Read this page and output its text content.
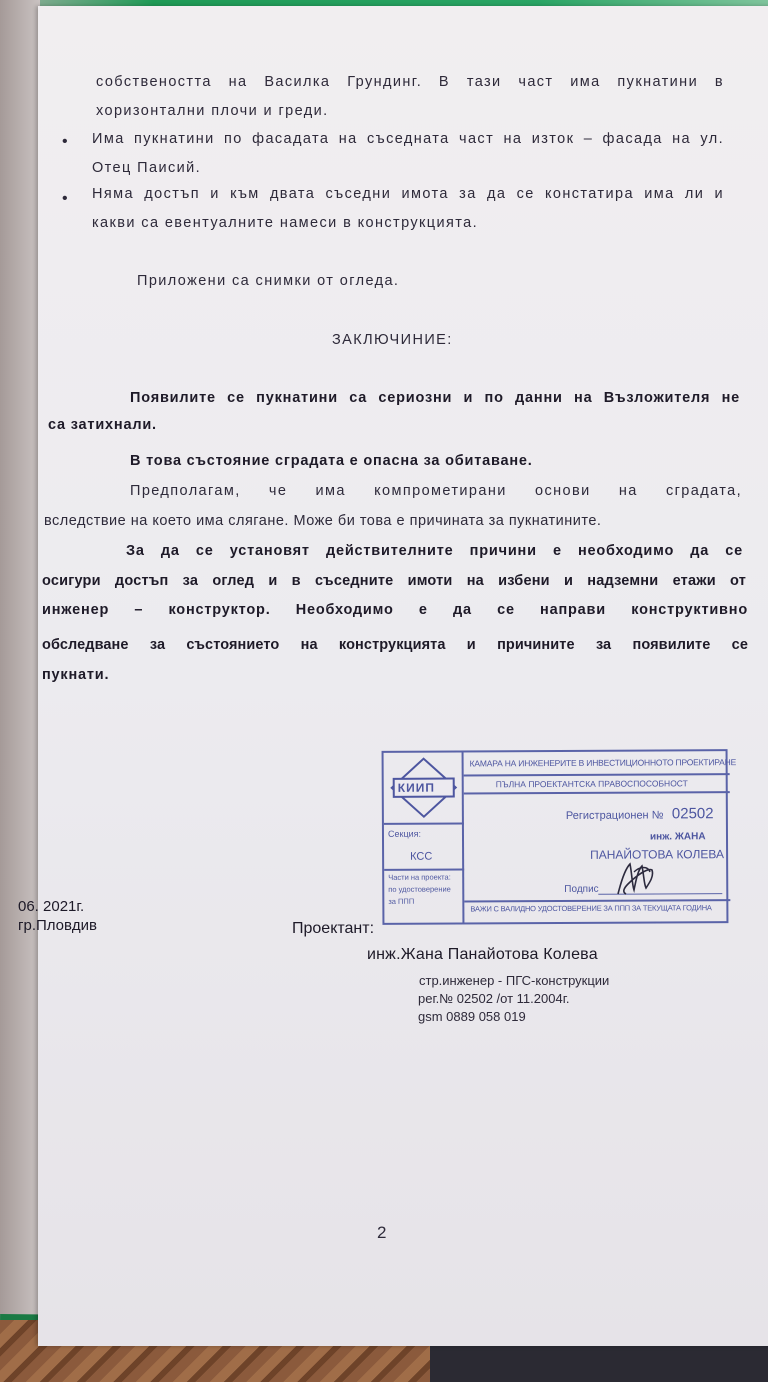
собствеността на Василка Грундинг. В тази част има пукнатини в
хоризонтални плочи и греди.
• Има пукнатини по фасадата на съседната част на изток – фасада на ул.
Отец Паисий.
• Няма достъп и към двата съседни имота за да се констатира има ли и
какви са евентуалните намеси в конструкцията.
Приложени са снимки от огледа.
ЗАКЛЮЧИНИЕ:
Появилите се пукнатини са сериозни и по данни на Възложителя не
са затихнали.
В това състояние сградата е опасна за обитаване.
Предполагам, че има компрометирани основи на сградата,
вследствие на което има слягане. Може би това е причината за пукнатините.
За да се установят действителните причини е необходимо да се
осигури достъп за оглед и в съседните имоти на избени и надземни етажи от
инженер – конструктор. Необходимо е да се направи конструктивно
обследване за състоянието на конструкцията и причините за появилите се
пукнати.
КИИП
КАМАРА НА ИНЖЕНЕРИТЕ В ИНВЕСТИЦИОННОТО ПРОЕКТИРАНЕ
ПЪЛНА ПРОЕКТАНТСКА ПРАВОСПОСОБНОСТ
Регистрационен № 02502
инж. ЖАНА
ПАНАЙОТОВА КОЛЕВА
Секция:
КСС
Части на проекта:
по удостоверение
за ППП
Подпис
ВАЖИ С ВАЛИДНО УДОСТОВЕРЕНИЕ ЗА ППП ЗА ТЕКУЩАТА ГОДИНА
06. 2021г.
гр.Пловдив	Проектант:
инж.Жана Панайотова Колева
стр.инженер - ПГС-конструкции
рег.№ 02502 /от 11.2004г.
gsm 0889 058 019
2
